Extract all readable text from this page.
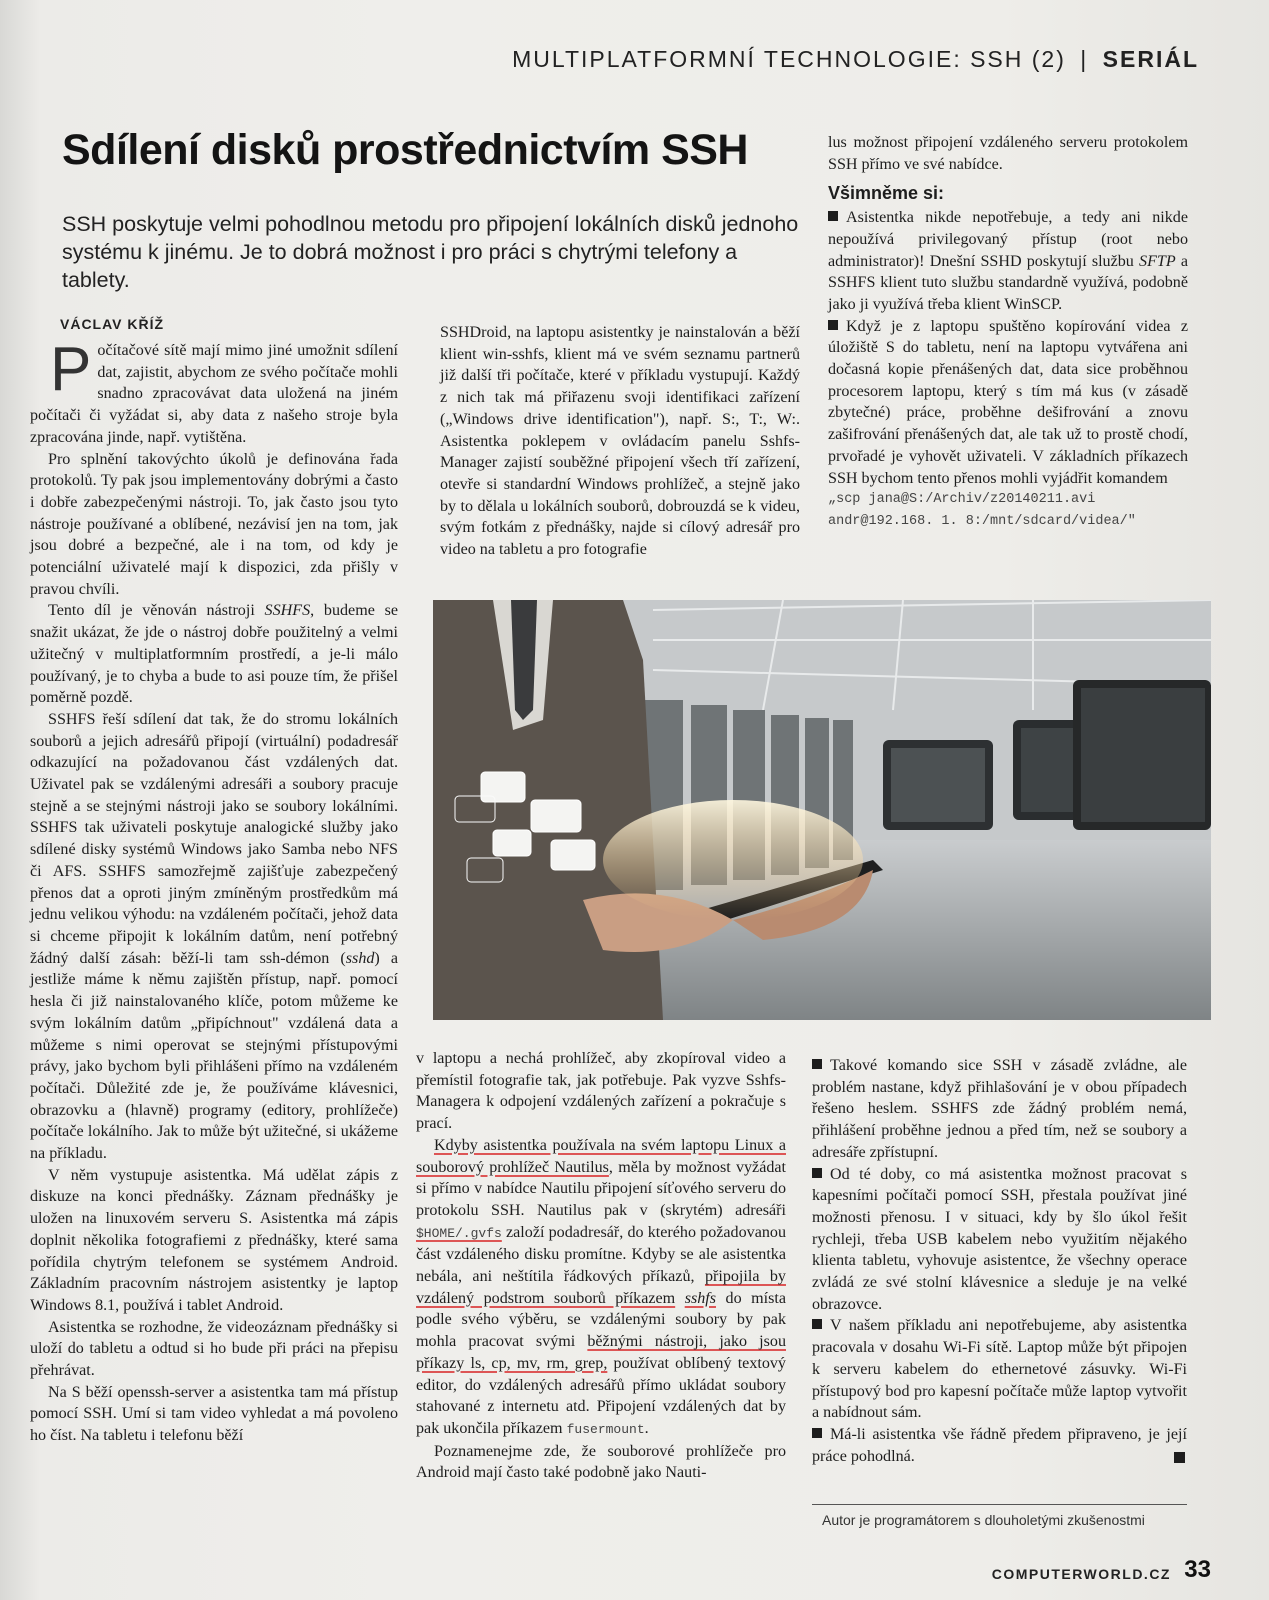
MULTIPLATFORMNÍ TECHNOLOGIE: SSH (2) | SERIÁL
Sdílení disků prostřednictvím SSH

SSH poskytuje velmi pohodlnou metodu pro připojení lokálních disků jednoho systému k jinému. Je to dobrá možnost i pro práci s chytrými telefony a tablety.

VÁCLAV KŘÍŽ

Počítačové sítě mají mimo jiné umožnit sdílení dat, zajistit, abychom ze svého počítače mohli snadno zpracovávat data uložená na jiném počítači či vyžádat si, aby data z našeho stroje byla zpracována jinde, např. vytištěna.

Pro splnění takovýchto úkolů je definována řada protokolů. Ty pak jsou implementovány dobrými a často i dobře zabezpečenými nástroji. To, jak často jsou tyto nástroje používané a oblíbené, nezávisí jen na tom, jak jsou dobré a bezpečné, ale i na tom, od kdy je potenciální uživatelé mají k dispozici, zda přišly v pravou chvíli.

Tento díl je věnován nástroji SSHFS, budeme se snažit ukázat, že jde o nástroj dobře použitelný a velmi užitečný v multiplatformním prostředí, a je-li málo používaný, je to chyba a bude to asi pouze tím, že přišel poměrně pozdě.

SSHFS řeší sdílení dat tak, že do stromu lokálních souborů a jejich adresářů připojí (virtuální) podadresář odkazující na požadovanou část vzdálených dat. Uživatel pak se vzdálenými adresáři a soubory pracuje stejně a se stejnými nástroji jako se soubory lokálními. SSHFS tak uživateli poskytuje analogické služby jako sdílené disky systémů Windows jako Samba nebo NFS či AFS. SSHFS samozřejmě zajišťuje zabezpečený přenos dat a oproti jiným zmíněným prostředkům má jednu velikou výhodu: na vzdáleném počítači, jehož data si chceme připojit k lokálním datům, není potřebný žádný další zásah: běží-li tam ssh-démon (sshd) a jestliže máme k němu zajištěn přístup, např. pomocí hesla či již nainstalovaného klíče, potom můžeme ke svým lokálním datům „připíchnout" vzdálená data a můžeme s nimi operovat se stejnými přístupovými právy, jako bychom byli přihlášeni přímo na vzdáleném počítači. Důležité zde je, že používáme klávesnici, obrazovku a (hlavně) programy (editory, prohlížeče) počítače lokálního. Jak to může být užitečné, si ukážeme na příkladu.

V něm vystupuje asistentka. Má udělat zápis z diskuze na konci přednášky. Záznam přednášky je uložen na linuxovém serveru S. Asistentka má zápis doplnit několika fotografiemi z přednášky, které sama pořídila chytrým telefonem se systémem Android. Základním pracovním nástrojem asistentky je laptop Windows 8.1, používá i tablet Android.

Asistentka se rozhodne, že videozáznam přednášky si uloží do tabletu a odtud si ho bude při práci na přepisu přehrávat.

Na S běží openssh-server a asistentka tam má přístup pomocí SSH. Umí si tam video vyhledat a má povoleno ho číst. Na tabletu i telefonu běží

SSHDroid, na laptopu asistentky je nainstalován a běží klient win-sshfs, klient má ve svém seznamu partnerů již další tři počítače, které v příkladu vystupují. Každý z nich tak má přiřazenu svoji identifikaci zařízení („Windows drive identification"), např. S:, T:, W:. Asistentka poklepem v ovládacím panelu Sshfs-Manager zajistí souběžné připojení všech tří zařízení, otevře si standardní Windows prohlížeč, a stejně jako by to dělala u lokálních souborů, dobrouzdá se k videu, svým fotkám z přednášky, najde si cílový adresář pro video na tabletu a pro fotografie

lus možnost připojení vzdáleného serveru protokolem SSH přímo ve své nabídce.

Všimněme si:

Asistentka nikde nepotřebuje, a tedy ani nikde nepoužívá privilegovaný přístup (root nebo administrator)! Dnešní SSHD poskytují službu SFTP a SSHFS klient tuto službu standardně využívá, podobně jako ji využívá třeba klient WinSCP.

Když je z laptopu spuštěno kopírování videa z úložiště S do tabletu, není na laptopu vytvářena ani dočasná kopie přenášených dat, data sice proběhnou procesorem laptopu, který s tím má kus (v zásadě zbytečné) práce, proběhne dešifrování a znovu zašifrování přenášených dat, ale tak už to prostě chodí, prvořadé je vyhovět uživateli. V základních příkazech SSH bychom tento přenos mohli vyjádřit komandem

„scp jana@S:/Archiv/z20140211.avi
andr@192.168. 1. 8:/mnt/sdcard/videa/"

v laptopu a nechá prohlížeč, aby zkopíroval video a přemístil fotografie tak, jak potřebuje. Pak vyzve Sshfs-Managera k odpojení vzdálených zařízení a pokračuje s prací.

Kdyby asistentka používala na svém laptopu Linux a souborový prohlížeč Nautilus, měla by možnost vyžádat si přímo v nabídce Nautilu připojení síťového serveru do protokolu SSH. Nautilus pak v (skrytém) adresáři $HOME/.gvfs založí podadresář, do kterého požadovanou část vzdáleného disku promítne. Kdyby se ale asistentka nebála, ani neštítila řádkových příkazů, připojila by vzdálený podstrom souborů příkazem sshfs do místa podle svého výběru, se vzdálenými soubory by pak mohla pracovat svými běžnými nástroji, jako jsou příkazy ls, cp, mv, rm, grep, používat oblíbený textový editor, do vzdálených adresářů přímo ukládat soubory stahované z internetu atd. Připojení vzdálených dat by pak ukončila příkazem fusermount.

Poznamenejme zde, že souborové prohlížeče pro Android mají často také podobně jako Nauti-

Takové komando sice SSH v zásadě zvládne, ale problém nastane, když přihlašování je v obou případech řešeno heslem. SSHFS zde žádný problém nemá, přihlášení proběhne jednou a před tím, než se soubory a adresáře zpřístupní.

Od té doby, co má asistentka možnost pracovat s kapesními počítači pomocí SSH, přestala používat jiné možnosti přenosu. I v situaci, kdy by šlo úkol řešit rychleji, třeba USB kabelem nebo využitím nějakého klienta tabletu, vyhovuje asistentce, že všechny operace zvládá ze své stolní klávesnice a sleduje je na velké obrazovce.

V našem příkladu ani nepotřebujeme, aby asistentka pracovala v dosahu Wi-Fi sítě. Laptop může být připojen k serveru kabelem do ethernetové zásuvky. Wi-Fi přístupový bod pro kapesní počítače může laptop vytvořit a nabídnout sám.

Má-li asistentka vše řádně předem připraveno, je její práce pohodlná.

Autor je programátorem s dlouholetými zkušenostmi
COMPUTERWORLD.CZ 33
